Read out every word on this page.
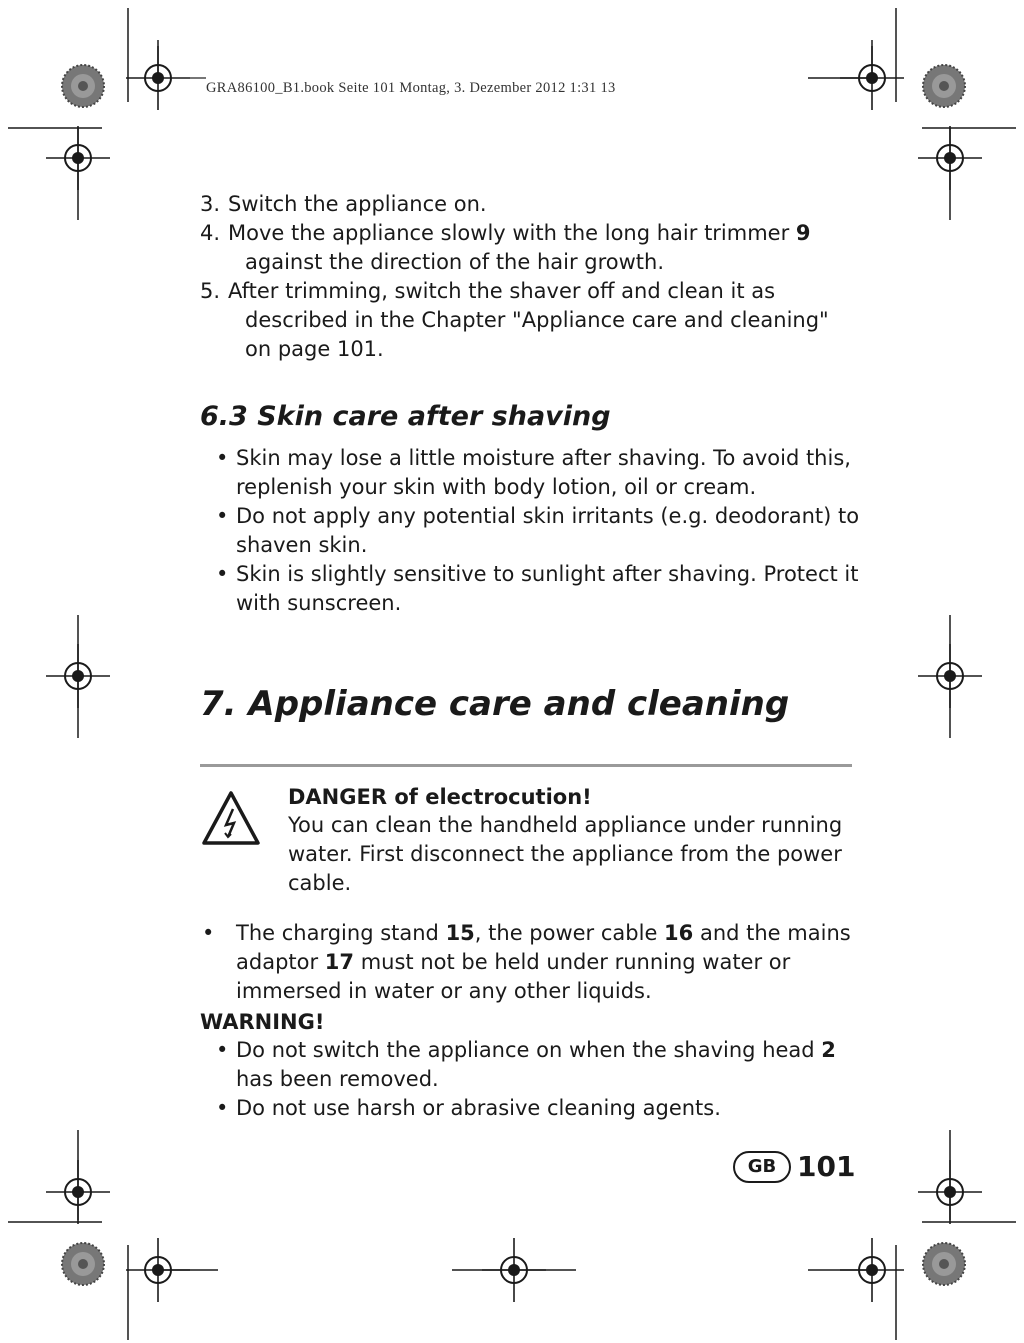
GRA86100_B1.book Seite 101 Montag, 3. Dezember 2012 1:31 13

3. Switch the appliance on.

4. Move the appliance slowly with the long hair trimmer 9 against the direction of the hair growth.

5. After trimming, switch the shaver off and clean it as described in the Chapter "Appliance care and cleaning" on page 101.

6.3 Skin care after shaving

• Skin may lose a little moisture after shaving. To avoid this, replenish your skin with body lotion, oil or cream.

• Do not apply any potential skin irritants (e.g. deodorant) to shaven skin.

• Skin is slightly sensitive to sunlight after shaving. Protect it with sunscreen.

7. Appliance care and cleaning
DANGER of electrocution!

You can clean the handheld appliance under running water. First disconnect the appliance from the power cable.

• The charging stand 15, the power cable 16 and the mains adaptor 17 must not be held under running water or immersed in water or any other liquids.

WARNING!

• Do not switch the appliance on when the shaving head 2 has been removed.

• Do not use harsh or abrasive cleaning agents.

GB 101
